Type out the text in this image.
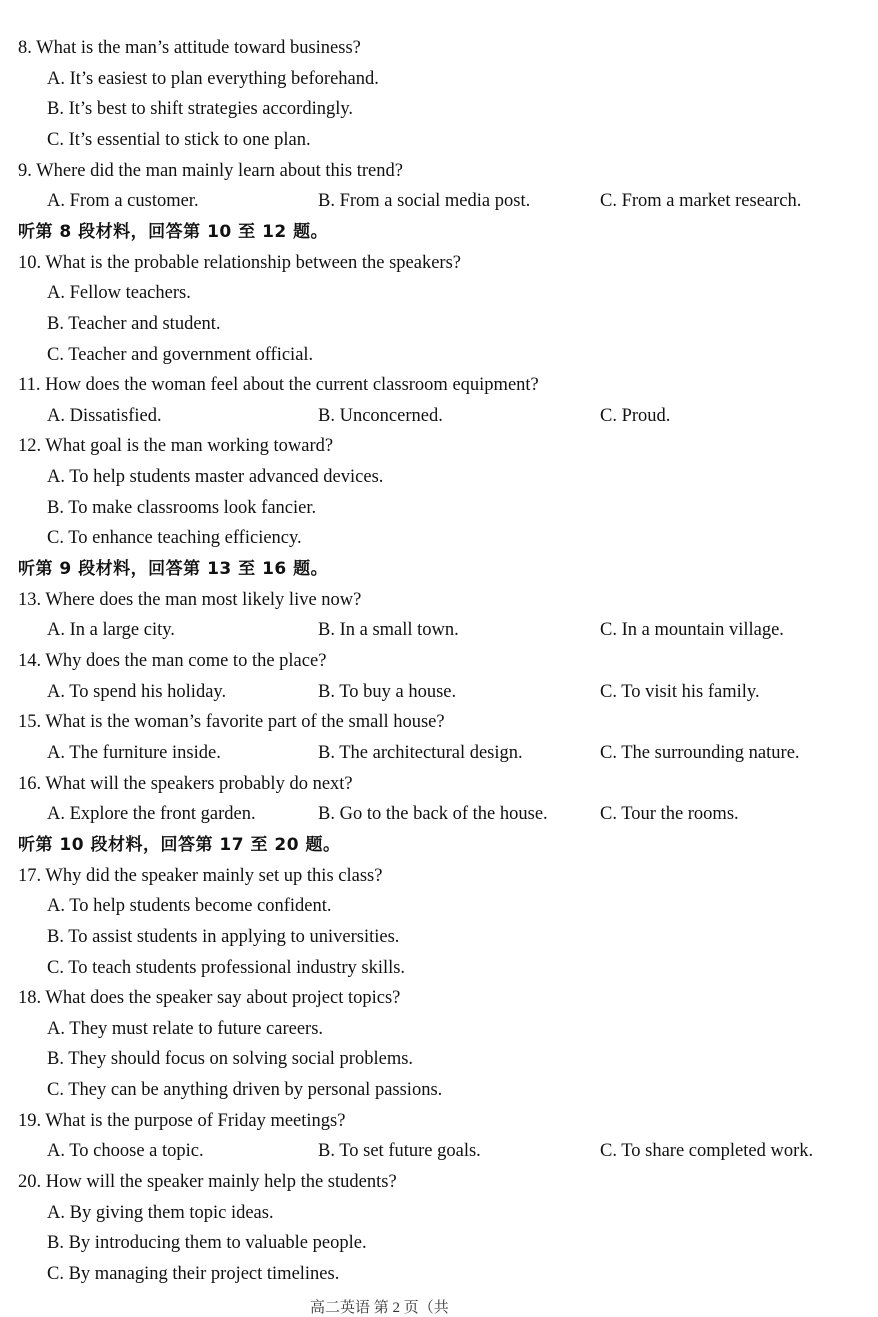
8. What is the man’s attitude toward business?
A. It’s easiest to plan everything beforehand.
B. It’s best to shift strategies accordingly.
C. It’s essential to stick to one plan.
9. Where did the man mainly learn about this trend?
A. From a customer.	B. From a social media post.	C. From a market research.
听第 8 段材料，回答第 10 至 12 题。
10. What is the probable relationship between the speakers?
A. Fellow teachers.
B. Teacher and student.
C. Teacher and government official.
11. How does the woman feel about the current classroom equipment?
A. Dissatisfied.	B. Unconcerned.	C. Proud.
12. What goal is the man working toward?
A. To help students master advanced devices.
B. To make classrooms look fancier.
C. To enhance teaching efficiency.
听第 9 段材料，回答第 13 至 16 题。
13. Where does the man most likely live now?
A. In a large city.	B. In a small town.	C. In a mountain village.
14. Why does the man come to the place?
A. To spend his holiday.	B. To buy a house.	C. To visit his family.
15. What is the woman’s favorite part of the small house?
A. The furniture inside.	B. The architectural design.	C. The surrounding nature.
16. What will the speakers probably do next?
A. Explore the front garden.	B. Go to the back of the house.	C. Tour the rooms.
听第 10 段材料，回答第 17 至 20 题。
17. Why did the speaker mainly set up this class?
A. To help students become confident.
B. To assist students in applying to universities.
C. To teach students professional industry skills.
18. What does the speaker say about project topics?
A. They must relate to future careers.
B. They should focus on solving social problems.
C. They can be anything driven by personal passions.
19. What is the purpose of Friday meetings?
A. To choose a topic.	B. To set future goals.	C. To share completed work.
20. How will the speaker mainly help the students?
A. By giving them topic ideas.
B. By introducing them to valuable people.
C. By managing their project timelines.
高二英语 第 2 页（共
